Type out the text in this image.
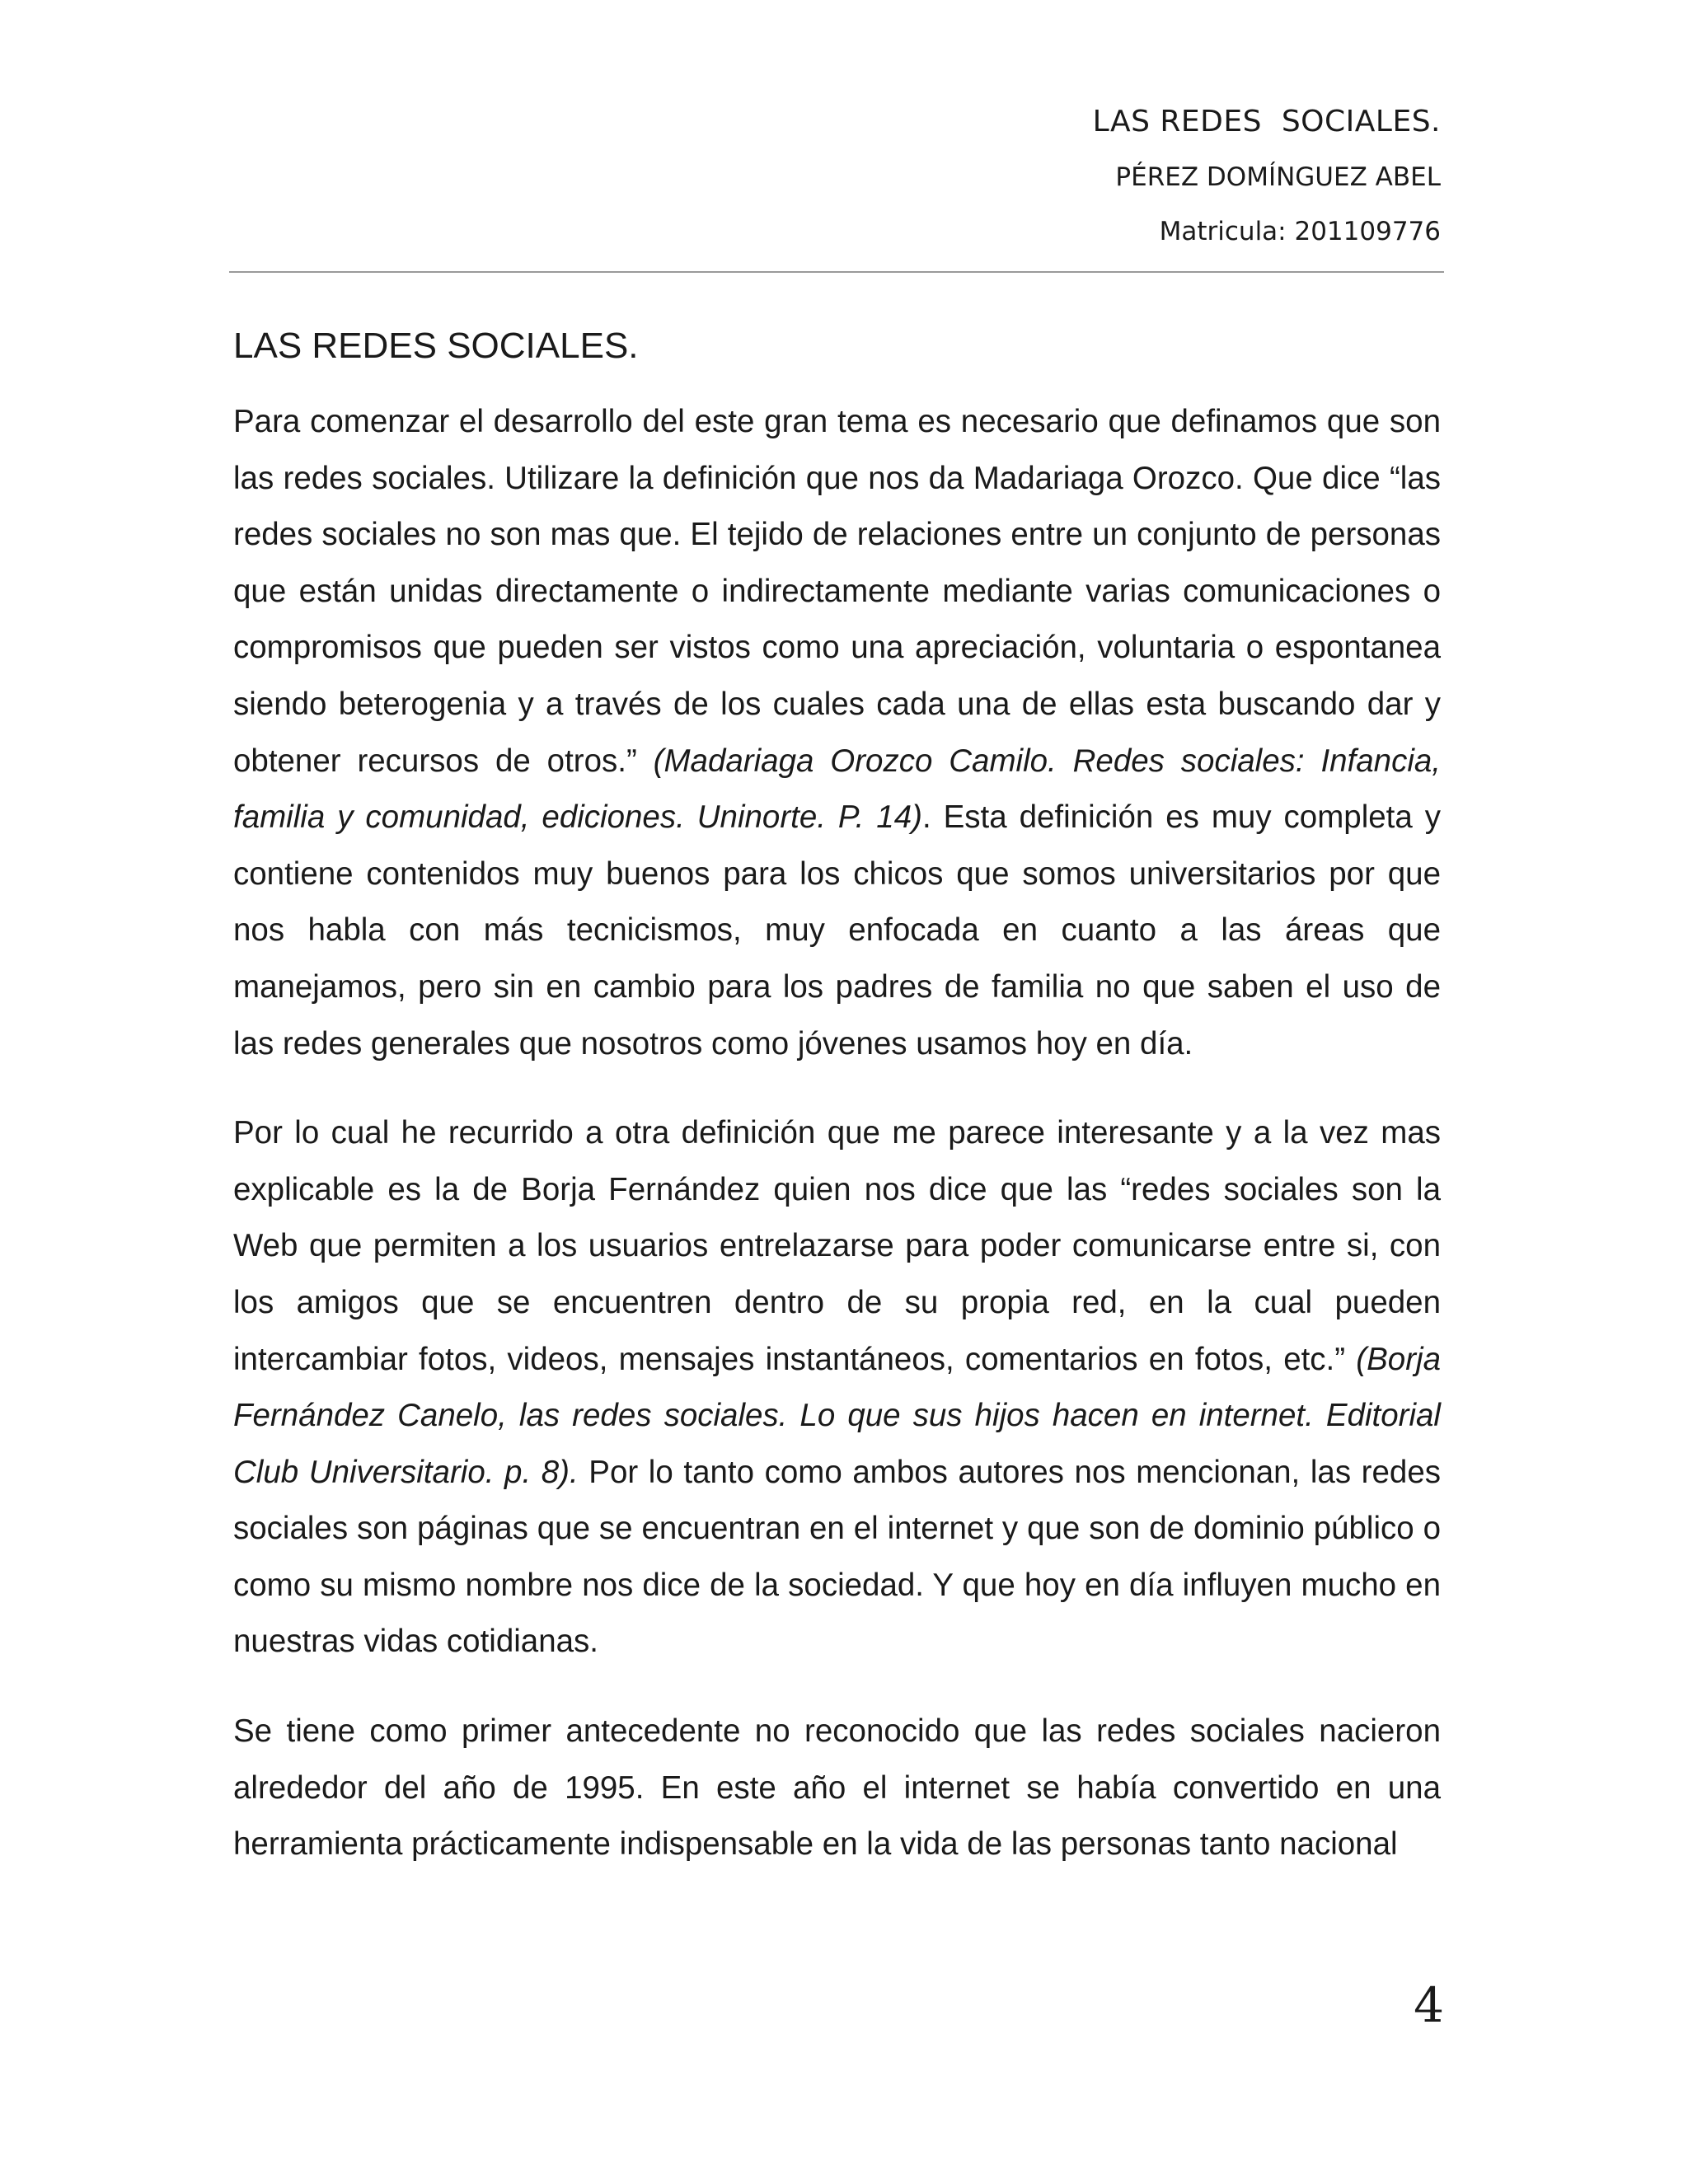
LAS REDES  SOCIALES.
PÉREZ DOMÍNGUEZ ABEL
Matricula: 201109776
LAS REDES SOCIALES.

Para comenzar el desarrollo del este gran tema es necesario que definamos que son las redes sociales. Utilizare la definición que nos da Madariaga Orozco. Que dice “las redes sociales no son mas que. El tejido de relaciones entre un conjunto de personas que están unidas directamente o indirectamente mediante varias comunicaciones o compromisos que pueden ser vistos como una apreciación, voluntaria o espontanea siendo beterogenia y a través de los cuales cada una de ellas esta buscando dar y obtener recursos de otros.” (Madariaga Orozco Camilo. Redes sociales: Infancia, familia y comunidad, ediciones. Uninorte. P. 14). Esta definición es muy completa y contiene contenidos muy buenos para los chicos que somos universitarios por que nos habla con más tecnicismos, muy enfocada en cuanto a las áreas que manejamos, pero sin en cambio para los padres de familia no que saben el uso de las redes generales que nosotros como jóvenes usamos hoy en día.

Por lo cual he recurrido a otra definición que me parece interesante y a la vez mas explicable es la de Borja Fernández quien nos dice que las “redes sociales son la Web que permiten a los usuarios entrelazarse para poder comunicarse entre si, con los amigos que se encuentren dentro de su propia red, en la cual pueden intercambiar fotos, videos, mensajes instantáneos, comentarios en fotos, etc.” (Borja Fernández Canelo, las redes sociales. Lo que sus hijos hacen en internet. Editorial Club Universitario. p. 8). Por lo tanto como ambos autores nos mencionan, las redes sociales son páginas que se encuentran en el internet y que son de dominio público o como su mismo nombre nos dice de la sociedad. Y que hoy en día influyen mucho en nuestras vidas cotidianas.

Se tiene como primer antecedente no reconocido que las redes sociales nacieron alrededor del año de 1995. En este año el internet se había convertido en una herramienta prácticamente indispensable en la vida de las personas tanto nacional

4
